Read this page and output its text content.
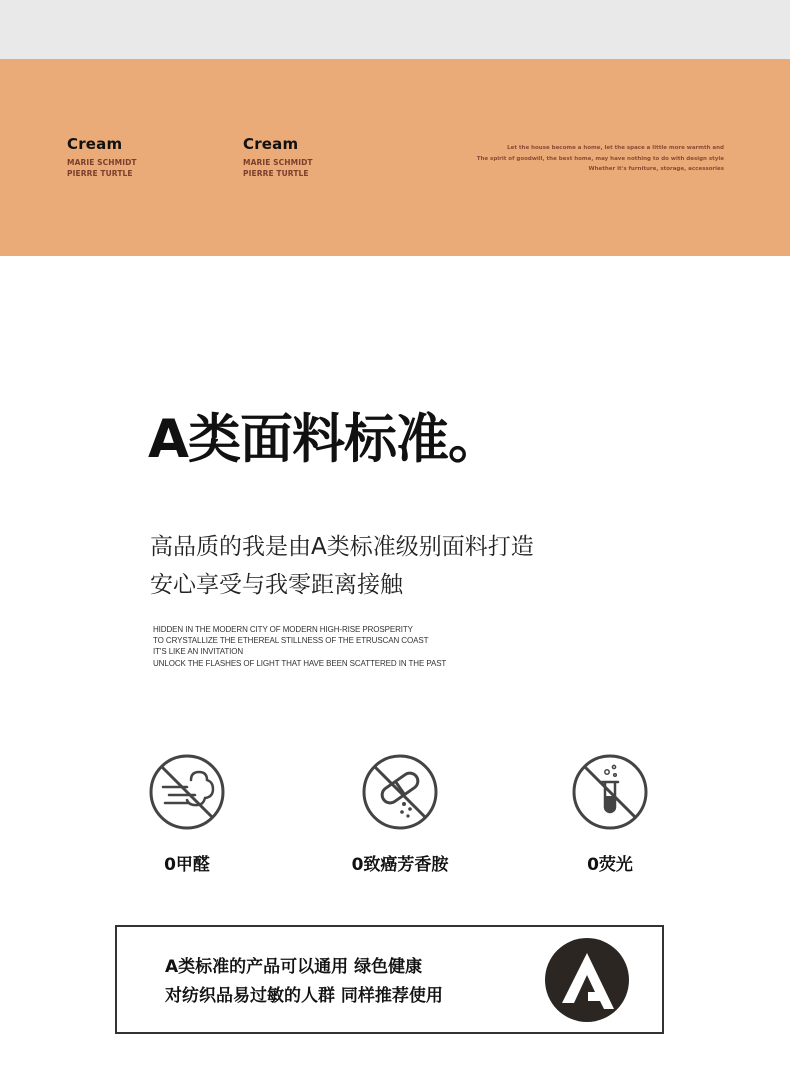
Cream
MARIE SCHMIDT
PIERRE TURTLE
Cream
MARIE SCHMIDT
PIERRE TURTLE
Let the house become a home, let the space a little more warmth and
The spirit of goodwill, the best home, may have nothing to do with design style
Whether it's furniture, storage, accessories
A类面料标准。
高品质的我是由A类标准级别面料打造
安心享受与我零距离接触
HIDDEN IN THE MODERN CITY OF MODERN HIGH-RISE PROSPERITY
TO CRYSTALLIZE THE ETHEREAL STILLNESS OF THE ETRUSCAN COAST
IT'S LIKE AN INVITATION
UNLOCK THE FLASHES OF LIGHT THAT HAVE BEEN SCATTERED IN THE PAST
0甲醛	0致癌芳香胺	0荧光
A类标准的产品可以通用 绿色健康
对纺织品易过敏的人群 同样推荐使用
